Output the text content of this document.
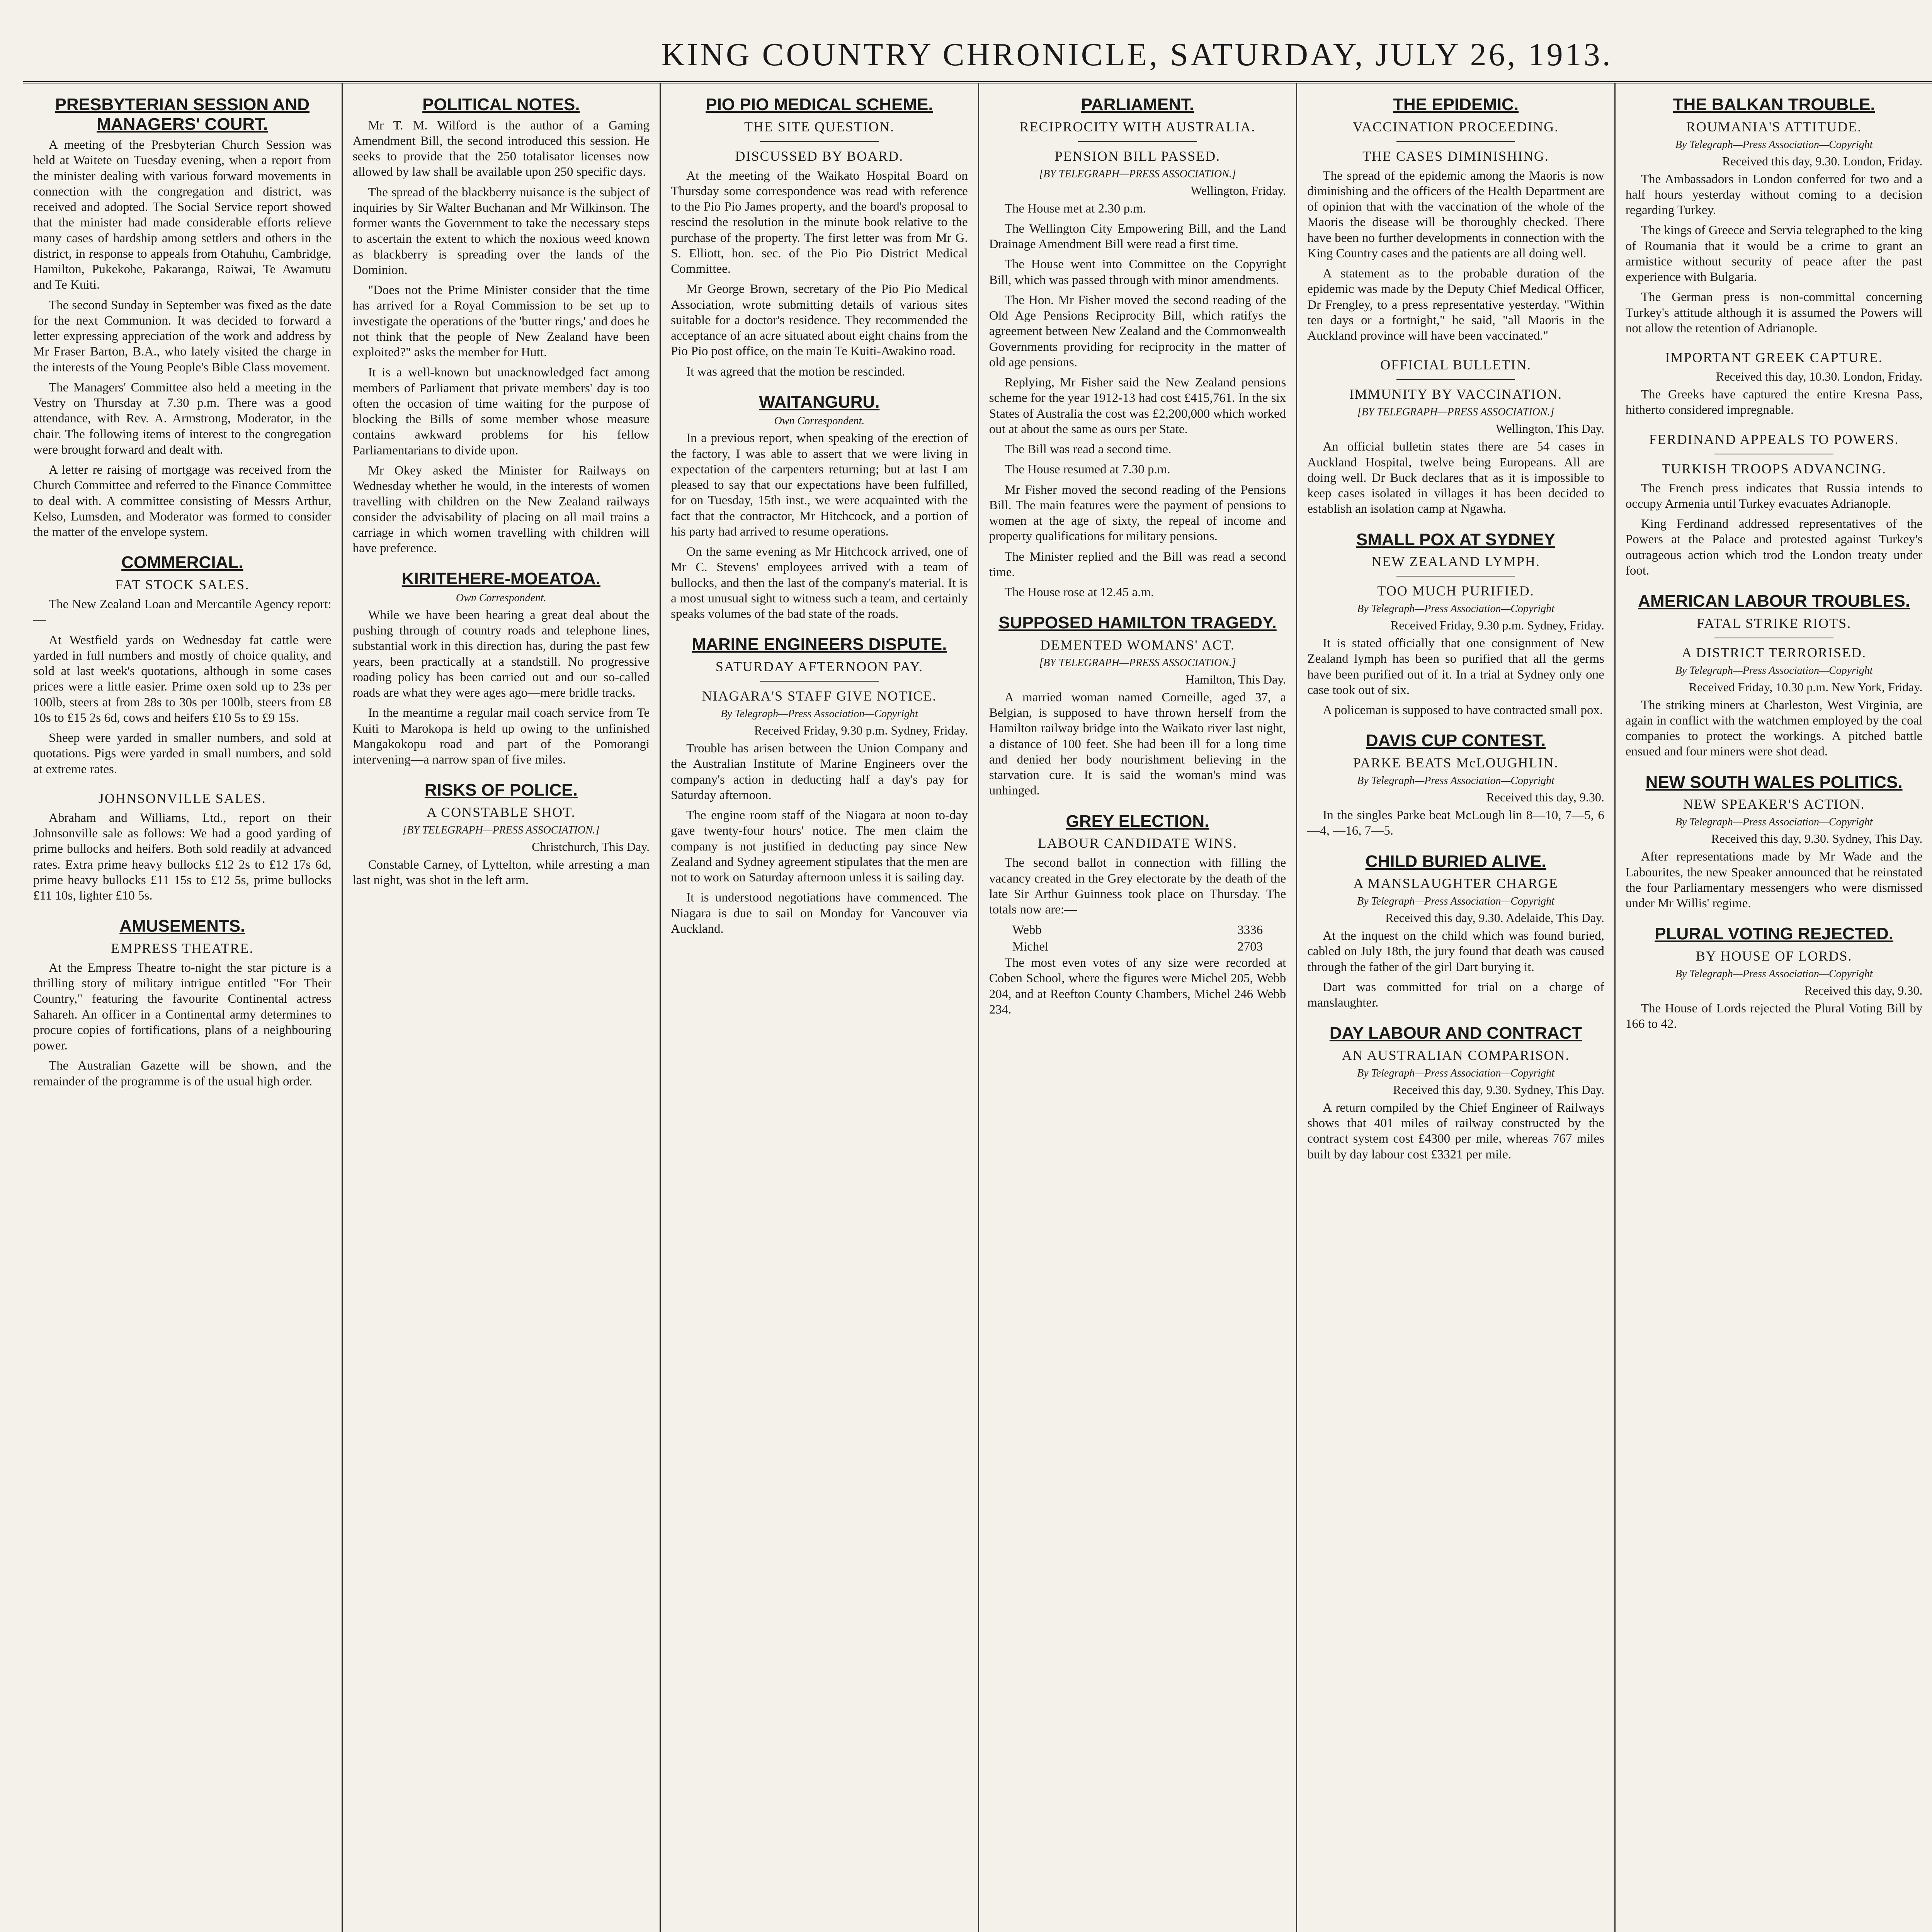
KING COUNTRY CHRONICLE, SATURDAY, JULY 26, 1913.
PRESBYTERIAN SESSION AND MANAGERS' COURT.

A meeting of the Presbyterian Church Session was held at Waitete on Tuesday evening, when a report from the minister dealing with various forward movements in connection with the congregation and district, was received and adopted. The Social Service report showed that the minister had made considerable efforts relieve many cases of hardship among settlers and others in the district, in response to appeals from Otahuhu, Cambridge, Hamilton, Pukekohe, Pakaranga, Raiwai, Te Awamutu and Te Kuiti.

The second Sunday in September was fixed as the date for the next Communion. It was decided to forward a letter expressing appreciation of the work and address by Mr Fraser Barton, B.A., who lately visited the charge in the interests of the Young People's Bible Class movement.

The Managers' Committee also held a meeting in the Vestry on Thursday at 7.30 p.m. There was a good attendance, with Rev. A. Armstrong, Moderator, in the chair. The following items of interest to the congregation were brought forward and dealt with.

A letter re raising of mortgage was received from the Church Committee and referred to the Finance Committee to deal with. A committee consisting of Messrs Arthur, Kelso, Lumsden, and Moderator was formed to consider the matter of the envelope system.

COMMERCIAL.
FAT STOCK SALES.

The New Zealand Loan and Mercantile Agency report:—

At Westfield yards on Wednesday fat cattle were yarded in full numbers and mostly of choice quality, and sold at last week's quotations, although in some cases prices were a little easier. Prime oxen sold up to 23s per 100lb, steers at from 28s to 30s per 100lb, steers from £8 10s to £15 2s 6d, cows and heifers £10 5s to £9 15s.

Sheep were yarded in smaller numbers, and sold at quotations. Pigs were yarded in small numbers, and sold at extreme rates.

JOHNSONVILLE SALES.

Abraham and Williams, Ltd., report on their Johnsonville sale as follows: We had a good yarding of prime bullocks and heifers. Both sold readily at advanced rates. Extra prime heavy bullocks £12 2s to £12 17s 6d, prime heavy bullocks £11 15s to £12 5s, prime bullocks £11 10s, lighter £10 5s.

AMUSEMENTS.
EMPRESS THEATRE.

At the Empress Theatre to-night the star picture is a thrilling story of military intrigue entitled "For Their Country," featuring the favourite Continental actress Sahareh. An officer in a Continental army determines to procure copies of fortifications, plans of a neighbouring power.

The Australian Gazette will be shown, and the remainder of the programme is of the usual high order.

POLITICAL NOTES.

Mr T. M. Wilford is the author of a Gaming Amendment Bill, the second introduced this session. He seeks to provide that the 250 totalisator licenses now allowed by law shall be available upon 250 specific days.

The spread of the blackberry nuisance is the subject of inquiries by Sir Walter Buchanan and Mr Wilkinson. The former wants the Government to take the necessary steps to ascertain the extent to which the noxious weed known as blackberry is spreading over the lands of the Dominion.

"Does not the Prime Minister consider that the time has arrived for a Royal Commission to be set up to investigate the operations of the 'butter rings,' and does he not think that the people of New Zealand have been exploited?" asks the member for Hutt.

It is a well-known but unacknowledged fact among members of Parliament that private members' day is too often the occasion of time waiting for the purpose of blocking the Bills of some member whose measure contains awkward problems for his fellow Parliamentarians to divide upon.

Mr Okey asked the Minister for Railways on Wednesday whether he would, in the interests of women travelling with children on the New Zealand railways consider the advisability of placing on all mail trains a carriage in which women travelling with children will have preference.

KIRITEHERE-MOEATOA.
Own Correspondent.

While we have been hearing a great deal about the pushing through of country roads and telephone lines, substantial work in this direction has, during the past few years, been practically at a standstill. No progressive roading policy has been carried out and our so-called roads are what they were ages ago—mere bridle tracks.

In the meantime a regular mail coach service from Te Kuiti to Marokopa is held up owing to the unfinished Mangakokopu road and part of the Pomorangi intervening—a narrow span of five miles.

RISKS OF POLICE.
A CONSTABLE SHOT.
[BY TELEGRAPH—PRESS ASSOCIATION.]
Christchurch, This Day.

Constable Carney, of Lyttelton, while arresting a man last night, was shot in the left arm.

PIO PIO MEDICAL SCHEME.
THE SITE QUESTION.
DISCUSSED BY BOARD.

At the meeting of the Waikato Hospital Board on Thursday some correspondence was read with reference to the Pio Pio James property, and the board's proposal to rescind the resolution in the minute book relative to the purchase of the property. The first letter was from Mr G. S. Elliott, hon. sec. of the Pio Pio District Medical Committee.

Mr George Brown, secretary of the Pio Pio Medical Association, wrote submitting details of various sites suitable for a doctor's residence. They recommended the acceptance of an acre situated about eight chains from the Pio Pio post office, on the main Te Kuiti-Awakino road.

It was agreed that the motion be rescinded.

WAITANGURU.
Own Correspondent.

In a previous report, when speaking of the erection of the factory, I was able to assert that we were living in expectation of the carpenters returning; but at last I am pleased to say that our expectations have been fulfilled, for on Tuesday, 15th inst., we were acquainted with the fact that the contractor, Mr Hitchcock, and a portion of his party had arrived to resume operations.

On the same evening as Mr Hitchcock arrived, one of Mr C. Stevens' employees arrived with a team of bullocks, and then the last of the company's material. It is a most unusual sight to witness such a team, and certainly speaks volumes of the bad state of the roads.

MARINE ENGINEERS DISPUTE.
SATURDAY AFTERNOON PAY.
NIAGARA'S STAFF GIVE NOTICE.
By Telegraph—Press Association—Copyright
Received Friday, 9.30 p.m. Sydney, Friday.

Trouble has arisen between the Union Company and the Australian Institute of Marine Engineers over the company's action in deducting half a day's pay for Saturday afternoon.

The engine room staff of the Niagara at noon to-day gave twenty-four hours' notice. The men claim the company is not justified in deducting pay since New Zealand and Sydney agreement stipulates that the men are not to work on Saturday afternoon unless it is sailing day.

It is understood negotiations have commenced. The Niagara is due to sail on Monday for Vancouver via Auckland.

PARLIAMENT.
RECIPROCITY WITH AUSTRALIA.
PENSION BILL PASSED.
[BY TELEGRAPH—PRESS ASSOCIATION.]
Wellington, Friday.

The House met at 2.30 p.m.

The Wellington City Empowering Bill, and the Land Drainage Amendment Bill were read a first time.

The House went into Committee on the Copyright Bill, which was passed through with minor amendments.

The Hon. Mr Fisher moved the second reading of the Old Age Pensions Reciprocity Bill, which ratifys the agreement between New Zealand and the Commonwealth Governments providing for reciprocity in the matter of old age pensions.

Replying, Mr Fisher said the New Zealand pensions scheme for the year 1912-13 had cost £415,761. In the six States of Australia the cost was £2,200,000 which worked out at about the same as ours per State.

The Bill was read a second time.

The House resumed at 7.30 p.m.

Mr Fisher moved the second reading of the Pensions Bill. The main features were the payment of pensions to women at the age of sixty, the repeal of income and property qualifications for military pensions.

The Minister replied and the Bill was read a second time.

The House rose at 12.45 a.m.

SUPPOSED HAMILTON TRAGEDY.
DEMENTED WOMANS' ACT.
[BY TELEGRAPH—PRESS ASSOCIATION.]
Hamilton, This Day.

A married woman named Corneille, aged 37, a Belgian, is supposed to have thrown herself from the Hamilton railway bridge into the Waikato river last night, a distance of 100 feet. She had been ill for a long time and denied her body nourishment believing in the starvation cure. It is said the woman's mind was unhinged.

GREY ELECTION.
LABOUR CANDIDATE WINS.

The second ballot in connection with filling the vacancy created in the Grey electorate by the death of the late Sir Arthur Guinness took place on Thursday. The totals now are:—

Webb	3336
Michel	2703

The most even votes of any size were recorded at Coben School, where the figures were Michel 205, Webb 204, and at Reefton County Chambers, Michel 246 Webb 234.

THE EPIDEMIC.
VACCINATION PROCEEDING.
THE CASES DIMINISHING.

The spread of the epidemic among the Maoris is now diminishing and the officers of the Health Department are of opinion that with the vaccination of the whole of the Maoris the disease will be thoroughly checked. There have been no further developments in connection with the King Country cases and the patients are all doing well.

A statement as to the probable duration of the epidemic was made by the Deputy Chief Medical Officer, Dr Frengley, to a press representative yesterday. "Within ten days or a fortnight," he said, "all Maoris in the Auckland province will have been vaccinated."

OFFICIAL BULLETIN.
IMMUNITY BY VACCINATION.
[BY TELEGRAPH—PRESS ASSOCIATION.]
Wellington, This Day.

An official bulletin states there are 54 cases in Auckland Hospital, twelve being Europeans. All are doing well. Dr Buck declares that as it is impossible to keep cases isolated in villages it has been decided to establish an isolation camp at Ngawha.

SMALL POX AT SYDNEY
NEW ZEALAND LYMPH.
TOO MUCH PURIFIED.
By Telegraph—Press Association—Copyright
Received Friday, 9.30 p.m. Sydney, Friday.

It is stated officially that one consignment of New Zealand lymph has been so purified that all the germs have been purified out of it. In a trial at Sydney only one case took out of six.

A policeman is supposed to have contracted small pox.

DAVIS CUP CONTEST.
PARKE BEATS McLOUGHLIN.
By Telegraph—Press Association—Copyright
Received this day, 9.30.

In the singles Parke beat McLough lin 8—10, 7—5, 6—4, —16, 7—5.

CHILD BURIED ALIVE.
A MANSLAUGHTER CHARGE
By Telegraph—Press Association—Copyright
Received this day, 9.30. Adelaide, This Day.

At the inquest on the child which was found buried, cabled on July 18th, the jury found that death was caused through the father of the girl Dart burying it.

Dart was committed for trial on a charge of manslaughter.

DAY LABOUR AND CONTRACT
AN AUSTRALIAN COMPARISON.
By Telegraph—Press Association—Copyright
Received this day, 9.30. Sydney, This Day.

A return compiled by the Chief Engineer of Railways shows that 401 miles of railway constructed by the contract system cost £4300 per mile, whereas 767 miles built by day labour cost £3321 per mile.

THE BALKAN TROUBLE.
ROUMANIA'S ATTITUDE.
By Telegraph—Press Association—Copyright
Received this day, 9.30. London, Friday.

The Ambassadors in London conferred for two and a half hours yesterday without coming to a decision regarding Turkey.

The kings of Greece and Servia telegraphed to the king of Roumania that it would be a crime to grant an armistice without security of peace after the past experience with Bulgaria.

The German press is non-committal concerning Turkey's attitude although it is assumed the Powers will not allow the retention of Adrianople.

IMPORTANT GREEK CAPTURE.
Received this day, 10.30. London, Friday.

The Greeks have captured the entire Kresna Pass, hitherto considered impregnable.

FERDINAND APPEALS TO POWERS.
TURKISH TROOPS ADVANCING.

The French press indicates that Russia intends to occupy Armenia until Turkey evacuates Adrianople.

King Ferdinand addressed representatives of the Powers at the Palace and protested against Turkey's outrageous action which trod the London treaty under foot.

AMERICAN LABOUR TROUBLES.
FATAL STRIKE RIOTS.
A DISTRICT TERRORISED.
By Telegraph—Press Association—Copyright
Received Friday, 10.30 p.m. New York, Friday.

The striking miners at Charleston, West Virginia, are again in conflict with the watchmen employed by the coal companies to protect the workings. A pitched battle ensued and four miners were shot dead.

NEW SOUTH WALES POLITICS.
NEW SPEAKER'S ACTION.
By Telegraph—Press Association—Copyright
Received this day, 9.30. Sydney, This Day.

After representations made by Mr Wade and the Labourites, the new Speaker announced that he reinstated the four Parliamentary messengers who were dismissed under Mr Willis' regime.

PLURAL VOTING REJECTED.
BY HOUSE OF LORDS.
By Telegraph—Press Association—Copyright
Received this day, 9.30.

The House of Lords rejected the Plural Voting Bill by 166 to 42.
